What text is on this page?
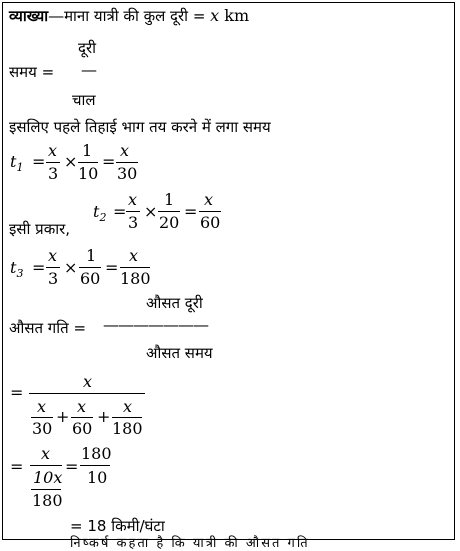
व्याख्या—माना यात्री की कुल दूरी = x km
दूरी
समय = —
चाल
इसलिए पहले तिहाई भाग तय करने में लगा समय
$t_1$ =
x
3
×
1
10
=
x
30
$t_2$ =
x
3
×
1
20
=
x
60
इसी प्रकार,
$t_3$ =
x
3
×
1
60
=
x
180
औसत दूरी
औसत गति = ———————
औसत समय
=
x
x
30
+
x
60
+
x
180
=
x
10x
180
=
180
10
= 18 किमी/घंटा
निष्कर्ष कहता है कि यात्री की औसत गति
